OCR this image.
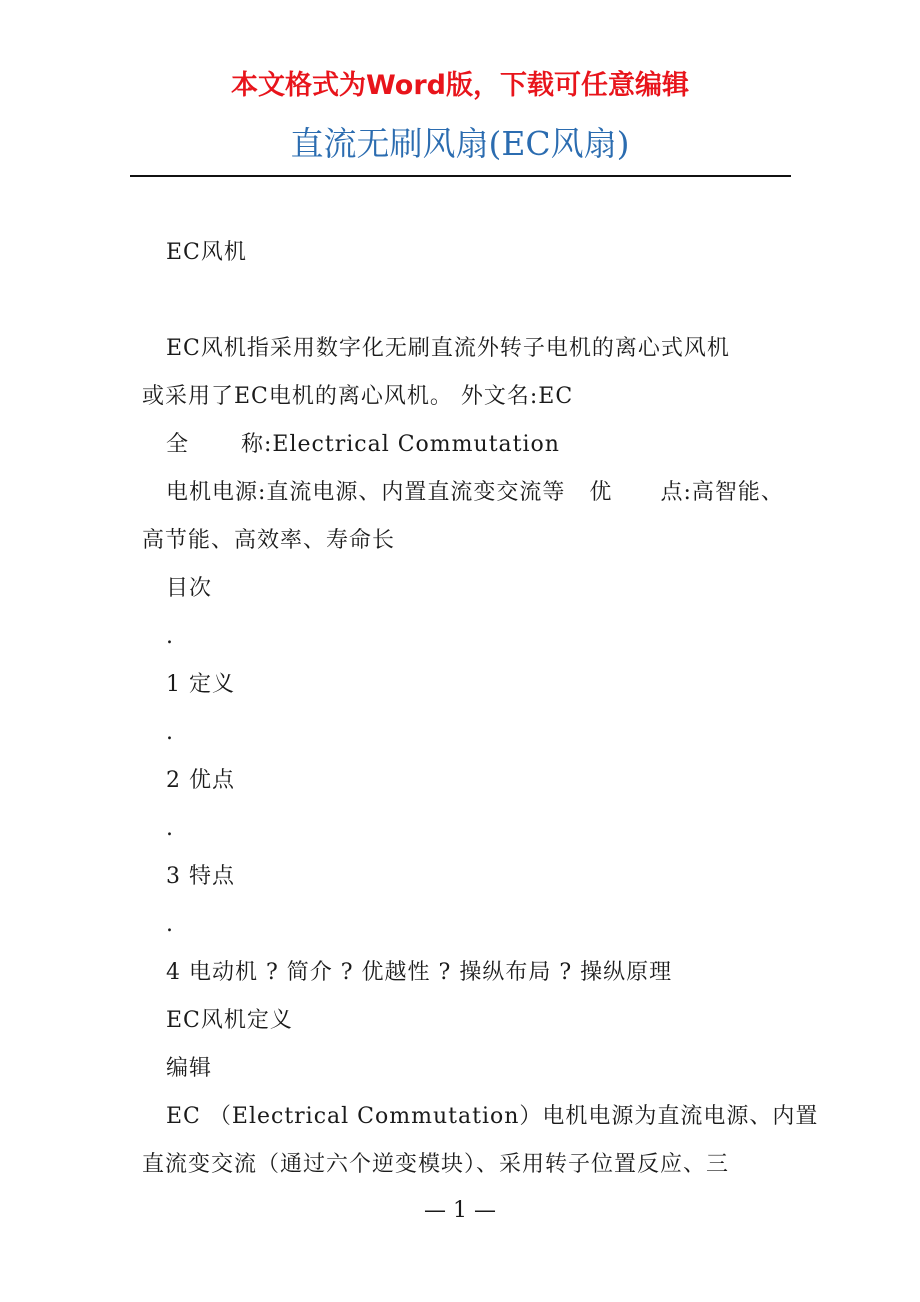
本文格式为Word版，下载可任意编辑
直流无刷风扇(EC风扇)
EC风机
EC风机指采用数字化无刷直流外转子电机的离心式风机
或采用了EC电机的离心风机。 外文名:EC
全 称:Electrical Commutation
电机电源:直流电源、内置直流变交流等 优 点:高智能、
高节能、高效率、寿命长
目次
.
1 定义
.
2 优点
.
3 特点
.
4 电动机 ? 简介 ? 优越性 ? 操纵布局 ? 操纵原理
EC风机定义
编辑
EC （Electrical Commutation）电机电源为直流电源、内置
直流变交流（通过六个逆变模块）、采用转子位置反应、三
— 1 —
